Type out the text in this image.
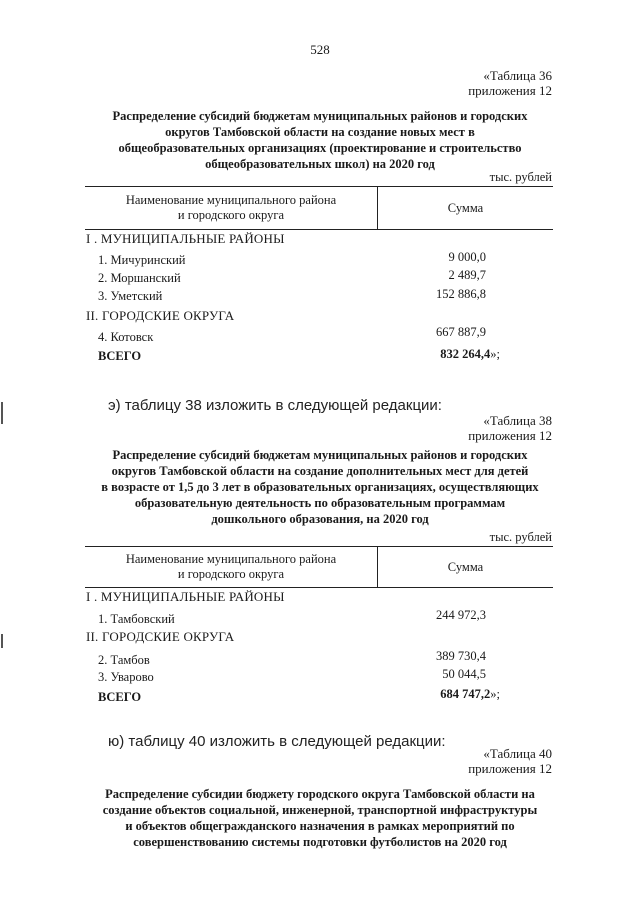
528
«Таблица 36
приложения 12
Распределение субсидий бюджетам муниципальных районов и городских
округов Тамбовской области на создание новых мест в
общеобразовательных организациях (проектирование и строительство
общеобразовательных школ) на 2020 год
тыс. рублей
Наименование муниципального района
и городского округа
Сумма
I . МУНИЦИПАЛЬНЫЕ РАЙОНЫ
1. Мичуринский	9 000,0
2. Моршанский	2 489,7
3. Уметский	152 886,8
II. ГОРОДСКИЕ ОКРУГА
4. Котовск	667 887,9
ВСЕГО	832 264,4»;
э) таблицу 38 изложить в следующей редакции:
«Таблица 38
приложения 12
Распределение субсидий бюджетам муниципальных районов и городских
округов Тамбовской области на создание дополнительных мест для детей
в возрасте от 1,5 до 3 лет в образовательных организациях, осуществляющих
образовательную деятельность по образовательным программам
дошкольного образования, на 2020 год
тыс. рублей
Наименование муниципального района
и городского округа
Сумма
I . МУНИЦИПАЛЬНЫЕ РАЙОНЫ
1. Тамбовский	244 972,3
II. ГОРОДСКИЕ ОКРУГА
2. Тамбов	389 730,4
3. Уварово	50 044,5
ВСЕГО	684 747,2»;
ю) таблицу 40 изложить в следующей редакции:
«Таблица 40
приложения 12
Распределение субсидии бюджету городского округа Тамбовской области на
создание объектов социальной, инженерной, транспортной инфраструктуры
и объектов общегражданского назначения в рамках мероприятий по
совершенствованию системы подготовки футболистов на 2020 год
